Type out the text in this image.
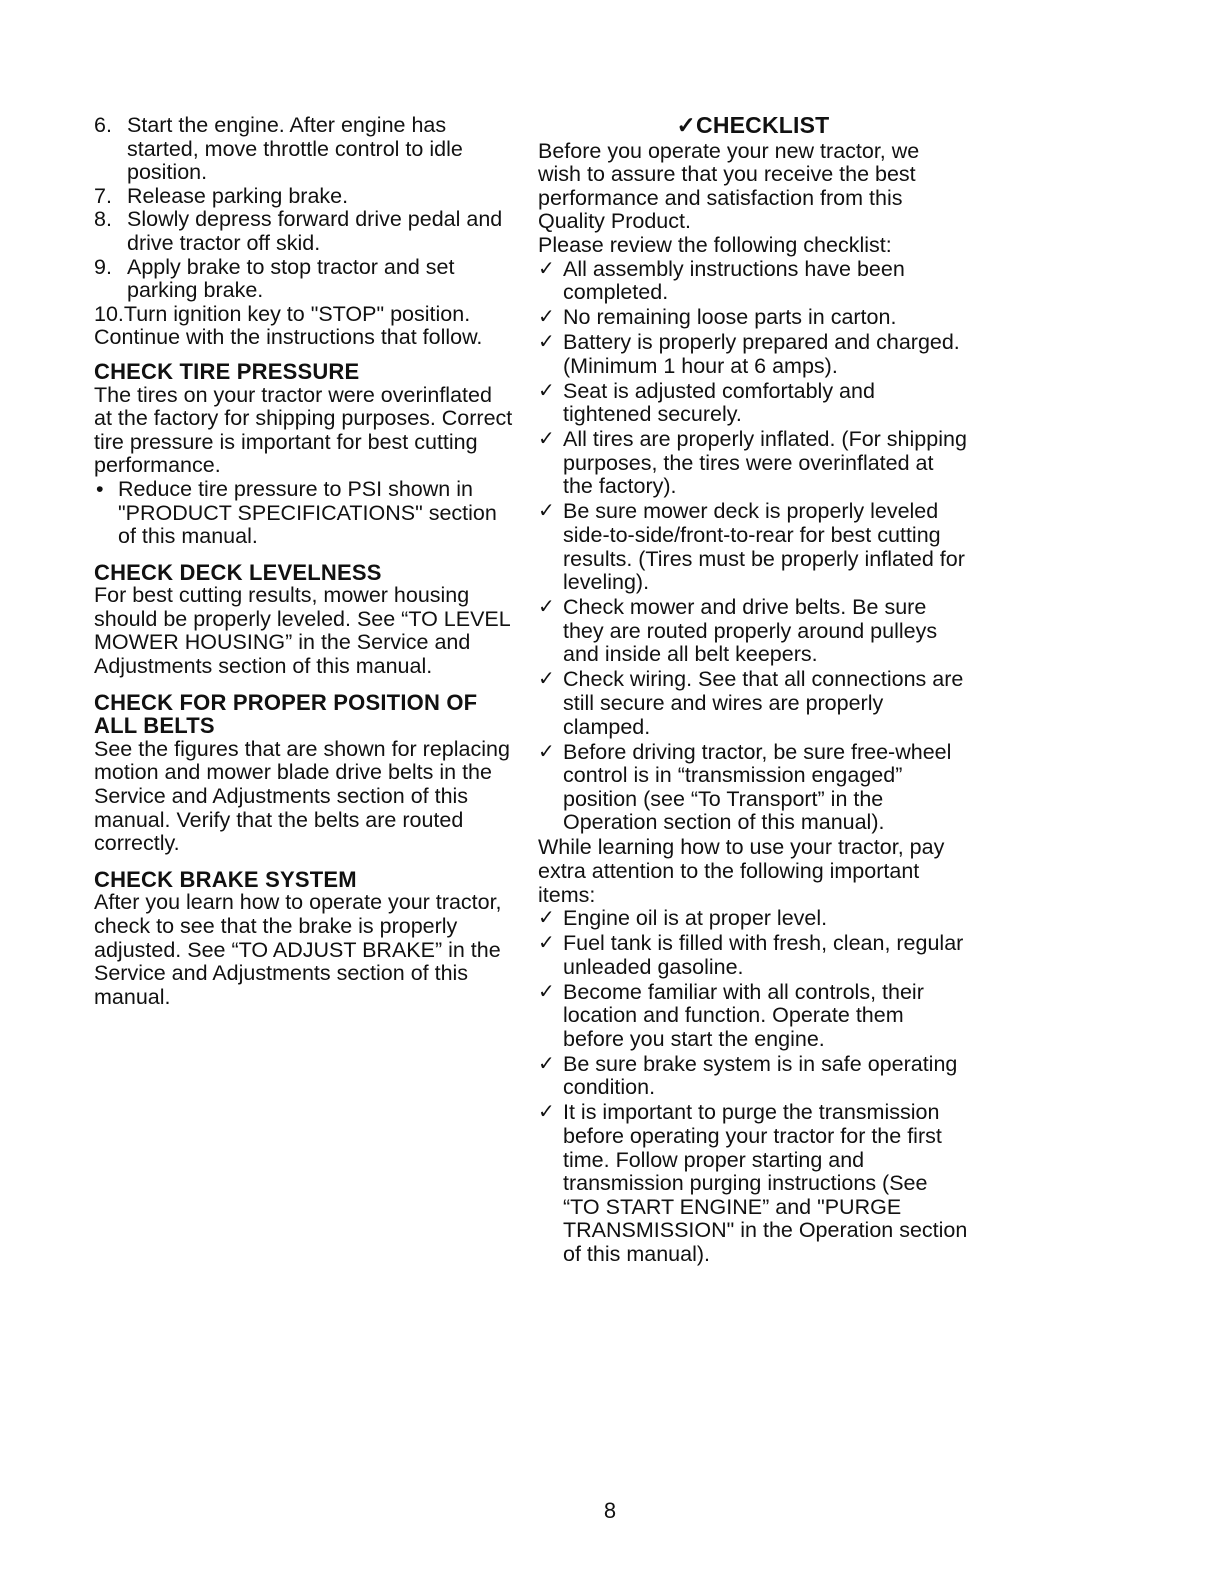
6. Start the engine. After engine has started, move throttle control to idle position.
7. Release parking brake.
8. Slowly depress forward drive pedal and drive tractor off skid.
9. Apply brake to stop tractor and set parking brake.
10.Turn ignition key to "STOP" position.

Continue with the instructions that follow.

CHECK TIRE PRESSURE

The tires on your tractor were overinflated at the factory for shipping purposes. Correct tire pressure is important for best cutting performance.

• Reduce tire pressure to PSI shown in "PRODUCT SPECIFICATIONS" section of this manual.
CHECK DECK LEVELNESS

For best cutting results, mower housing should be properly leveled. See “TO LEVEL MOWER HOUSING” in the Service and Adjustments section of this manual.

CHECK FOR PROPER POSITION OF ALL BELTS

See the figures that are shown for replacing motion and mower blade drive belts in the Service and Adjustments section of this manual. Verify that the belts are routed correctly.

CHECK BRAKE SYSTEM

After you learn how to operate your tractor, check to see that the brake is properly adjusted. See “TO ADJUST BRAKE” in the Service and Adjustments section of this manual.

✓CHECKLIST

Before you operate your new tractor, we wish to assure that you receive the best performance and satisfaction from this Quality Product.

Please review the following checklist:

✓ All assembly instructions have been completed.
✓ No remaining loose parts in carton.
✓ Battery is properly prepared and charged. (Minimum 1 hour at 6 amps).
✓ Seat is adjusted comfortably and tightened securely.
✓ All tires are properly inflated. (For shipping purposes, the tires were overinflated at the factory).
✓ Be sure mower deck is properly leveled side-to-side/front-to-rear for best cutting results. (Tires must be properly inflated for leveling).
✓ Check mower and drive belts. Be sure they are routed properly around pulleys and inside all belt keepers.
✓ Check wiring. See that all connections are still secure and wires are properly clamped.
✓ Before driving tractor, be sure free-wheel control is in “transmission engaged” position (see “To Transport” in the Operation section of this manual).

While learning how to use your tractor, pay extra attention to the following important items:

✓ Engine oil is at proper level.
✓ Fuel tank is filled with fresh, clean, regular unleaded gasoline.
✓ Become familiar with all controls, their location and function. Operate them before you start the engine.
✓ Be sure brake system is in safe operating condition.
✓ It is important to purge the transmission before operating your tractor for the first time. Follow proper starting and transmission purging instructions (See “TO START ENGINE” and "PURGE TRANSMISSION" in the Operation section of this manual).
8
